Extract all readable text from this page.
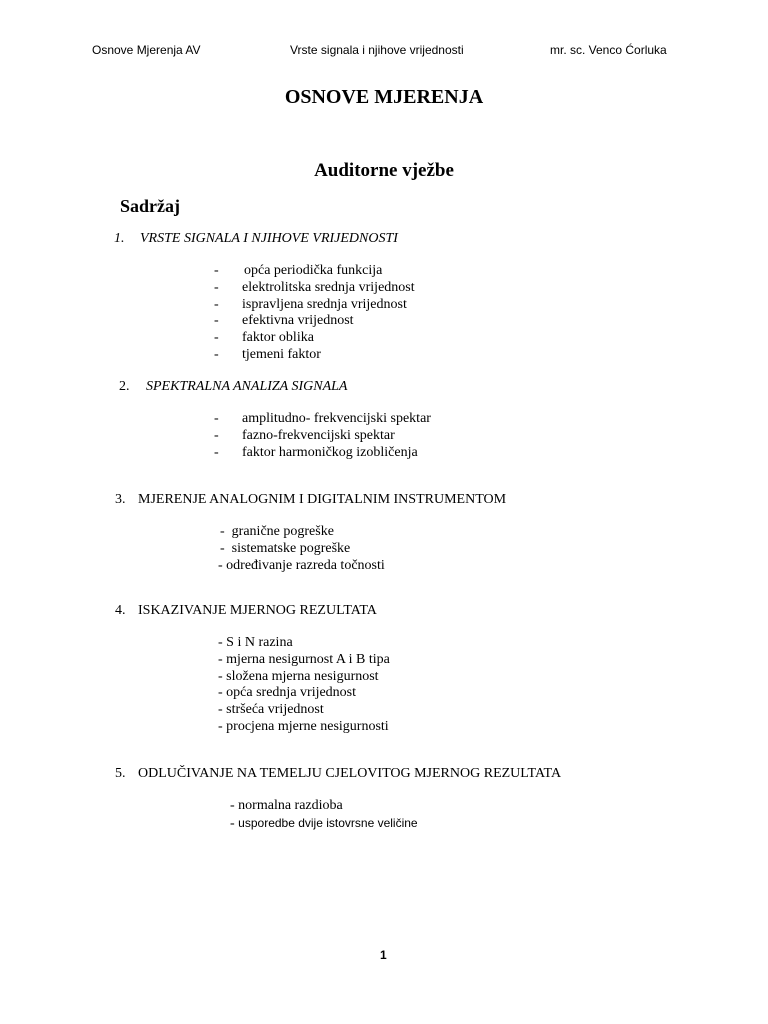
Osnove Mjerenja AV	Vrste signala i njihove vrijednosti	mr. sc. Venco Ćorluka
OSNOVE MJERENJA
Auditorne vježbe
Sadržaj
1. VRSTE SIGNALA I NJIHOVE VRIJEDNOSTI
- opća periodička funkcija
- elektrolitska srednja vrijednost
- ispravljena srednja vrijednost
- efektivna vrijednost
- faktor oblika
- tjemeni faktor
2. SPEKTRALNA ANALIZA SIGNALA
- amplitudno- frekvencijski spektar
- fazno-frekvencijski spektar
- faktor harmoničkog izobličenja
3. MJERENJE ANALOGNIM I DIGITALNIM INSTRUMENTOM
-  graničnе pogreške
-  sistematske pogreške
- određivanje razreda točnosti
4. ISKAZIVANJE MJERNOG REZULTATA
- S i N razina
- mjerna nesigurnost A i B tipa
- složena mjerna nesigurnost
- opća srednja vrijednost
- stršeća vrijednost
- procjena mjerne nesigurnosti
5. ODLUČIVANJE NA TEMELJU CJELOVITOG MJERNOG REZULTATA
- normalna razdioba
- usporedbe dvije istovrsne veličine
1
